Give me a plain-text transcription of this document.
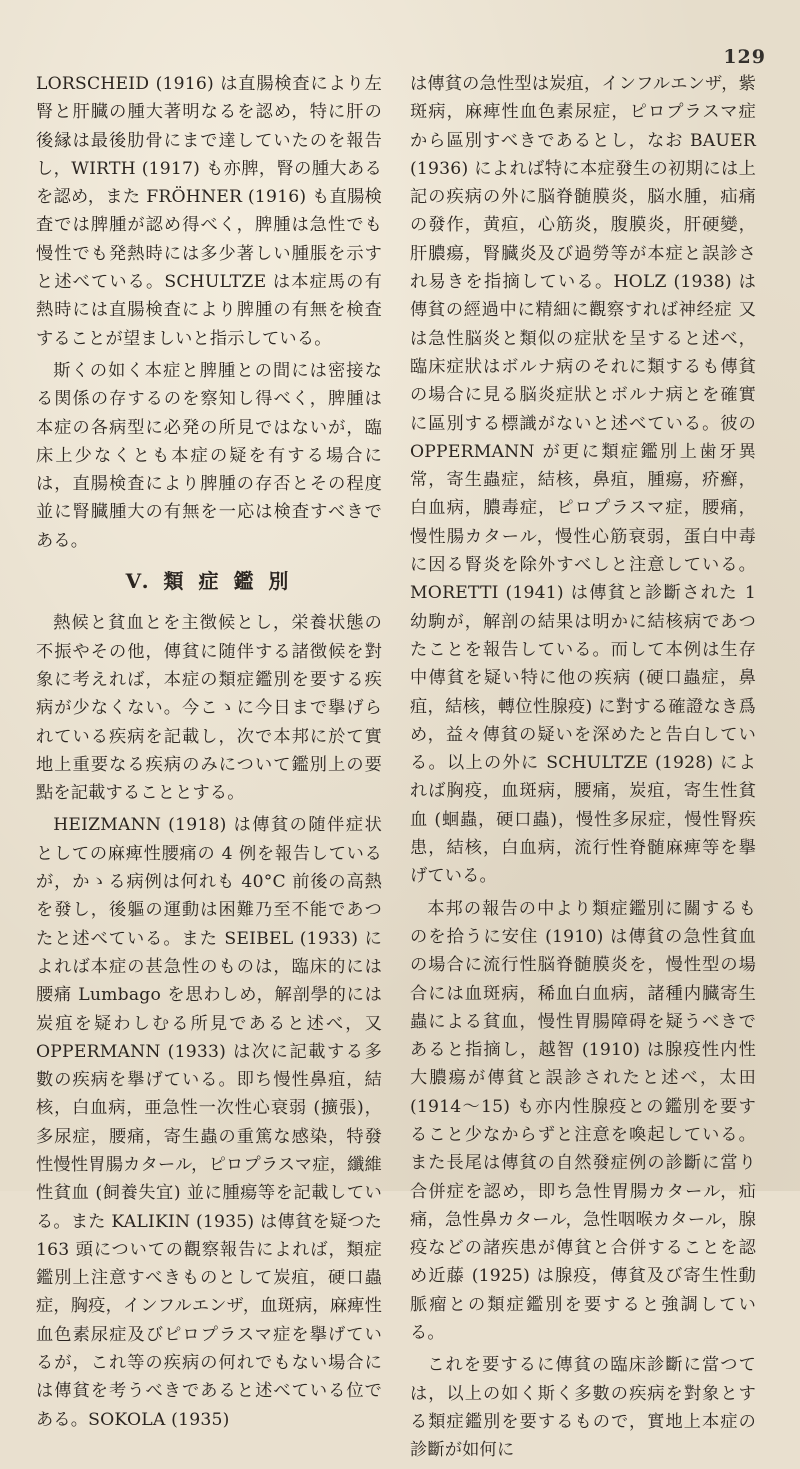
129

LORSCHEID (1916) は直腸検査により左腎と肝臓の腫大著明なるを認め，特に肝の後縁は最後肋骨にまで達していたのを報告し，WIRTH (1917) も亦脾，腎の腫大あるを認め，また FRÖHNER (1916) も直腸検査では脾腫が認め得べく，脾腫は急性でも慢性でも発熱時には多少著しい腫脹を示すと述べている。SCHULTZE は本症馬の有熱時には直腸検査により脾腫の有無を検査することが望ましいと指示している。

斯くの如く本症と脾腫との間には密接なる関係の存するのを察知し得べく，脾腫は本症の各病型に必発の所見ではないが，臨床上少なくとも本症の疑を有する場合には，直腸検査により脾腫の存否とその程度並に腎臓腫大の有無を一応は検査すべきである。

V. 類 症 鑑 別

熱候と貧血とを主徴候とし，栄養状態の不振やその他，傳貧に随伴する諸徴候を對象に考えれば，本症の類症鑑別を要する疾病が少なくない。今こゝに今日まで擧げられている疾病を記載し，次で本邦に於て實地上重要なる疾病のみについて鑑別上の要點を記載することとする。

HEIZMANN (1918) は傳貧の随伴症状としての麻痺性腰痛の 4 例を報告しているが，かゝる病例は何れも 40°C 前後の高熱を發し，後軀の運動は困難乃至不能であつたと述べている。また SEIBEL (1933) によれば本症の甚急性のものは，臨床的には腰痛 Lumbago を思わしめ，解剖學的には炭疽を疑わしむる所見であると述べ，又 OPPERMANN (1933) は次に記載する多數の疾病を擧げている。即ち慢性鼻疽，結核，白血病，亜急性一次性心衰弱 (擴張)，多尿症，腰痛，寄生蟲の重篤な感染，特發性慢性胃腸カタール，ピロプラスマ症，纖維性貧血 (飼養失宜) 並に腫瘍等を記載している。また KALIKIN (1935) は傳貧を疑つた 163 頭についての觀察報告によれば，類症鑑別上注意すべきものとして炭疽，硬口蟲症，胸疫，インフルエンザ，血斑病，麻痺性血色素尿症及びピロプラスマ症を擧げているが，これ等の疾病の何れでもない場合には傳貧を考うべきであると述べている位である。SOKOLA (1935)

は傳貧の急性型は炭疽，インフルエンザ，紫斑病，麻痺性血色素尿症，ピロプラスマ症から區別すべきであるとし，なお BAUER (1936) によれば特に本症發生の初期には上記の疾病の外に脳脊髄膜炎，脳水腫，疝痛の發作，黄疸，心筋炎，腹膜炎，肝硬變，肝膿瘍，腎臓炎及び過勞等が本症と誤診され易きを指摘している。HOLZ (1938) は傳貧の經過中に精細に觀察すれば神经症 又は急性脳炎と類似の症狀を呈すると述べ，臨床症狀はボルナ病のそれに類するも傳貧の場合に見る脳炎症狀とボルナ病とを確實に區別する標識がないと述べている。彼の OPPERMANN が更に類症鑑別上歯牙異常，寄生蟲症，結核，鼻疽，腫瘍，疥癬，白血病，膿毒症，ピロプラスマ症，腰痛，慢性腸カタール，慢性心筋衰弱，蛋白中毒に因る腎炎を除外すべしと注意している。MORETTI (1941) は傳貧と診斷された 1 幼駒が，解剖の結果は明かに結核病であつたことを報告している。而して本例は生存中傳貧を疑い特に他の疾病 (硬口蟲症，鼻疽，結核，轉位性腺疫) に對する確證なき爲め，益々傳貧の疑いを深めたと告白している。以上の外に SCHULTZE (1928) によれば胸疫，血斑病，腰痛，炭疽，寄生性貧血 (蛔蟲，硬口蟲)，慢性多尿症，慢性腎疾患，結核，白血病，流行性脊髄麻痺等を擧げている。

本邦の報告の中より類症鑑別に關するものを拾うに安住 (1910) は傳貧の急性貧血の場合に流行性脳脊髄膜炎を，慢性型の場合には血斑病，稀血白血病，諸種内臓寄生蟲による貧血，慢性胃腸障碍を疑うべきであると指摘し，越智 (1910) は腺疫性内性大膿瘍が傳貧と誤診されたと述べ，太田 (1914～15) も亦内性腺疫との鑑別を要すること少なからずと注意を喚起している。また長尾は傳貧の自然發症例の診斷に當り合併症を認め，即ち急性胃腸カタール，疝痛，急性鼻カタール，急性咽喉カタール，腺疫などの諸疾患が傳貧と合併することを認め近藤 (1925) は腺疫，傳貧及び寄生性動脈瘤との類症鑑別を要すると強調している。

これを要するに傳貧の臨床診斷に當つては，以上の如く斯く多數の疾病を對象とする類症鑑別を要するもので，實地上本症の診斷が如何に
